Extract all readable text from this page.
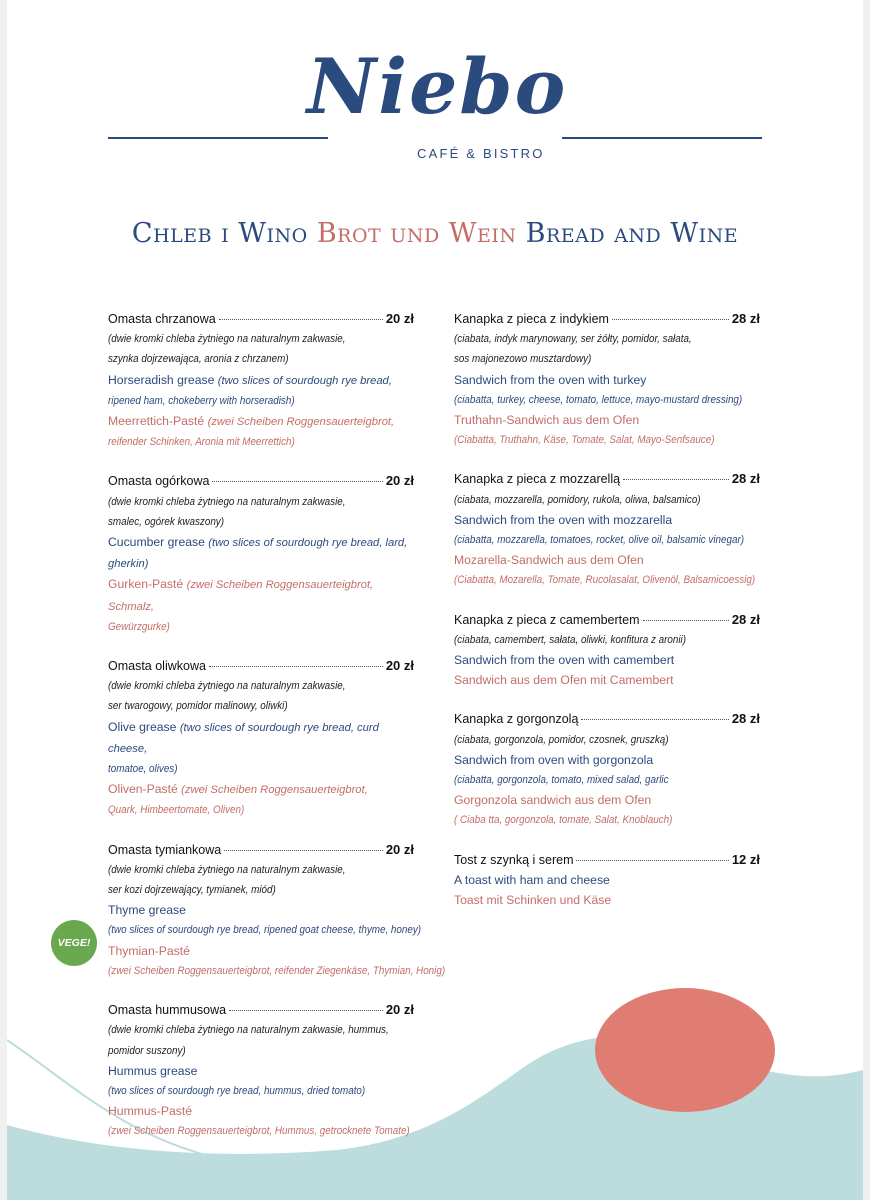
Niebo
CAFÉ & BISTRO
Chleb i Wino Brot und Wein Bread and Wine
Omasta chrzanowa	20 zł
(dwie kromki chleba żytniego na naturalnym zakwasie,
szynka dojrzewająca, aronia z chrzanem)
Horseradish grease (two slices of sourdough rye bread,
ripened ham, chokeberry with horseradish)
Meerrettich-Pasté (zwei Scheiben Roggensauerteigbrot,
reifender Schinken, Aronia mit Meerrettich)
Omasta ogórkowa	20 zł
(dwie kromki chleba żytniego na naturalnym zakwasie,
smalec, ogórek kwaszony)
Cucumber grease (two slices of sourdough rye bread, lard, gherkin)
Gurken-Pasté (zwei Scheiben Roggensauerteigbrot, Schmalz,
Gewürzgurke)
Omasta oliwkowa	20 zł
(dwie kromki chleba żytniego na naturalnym zakwasie,
ser twarogowy, pomidor malinowy, oliwki)
Olive grease (two slices of sourdough rye bread, curd cheese,
tomatoe, olives)
Oliven-Pasté (zwei Scheiben Roggensauerteigbrot,
Quark, Himbeertomate, Oliven)
Omasta tymiankowa	20 zł
(dwie kromki chleba żytniego na naturalnym zakwasie,
ser kozi dojrzewający, tymianek, miód)
Thyme grease
(two slices of sourdough rye bread, ripened goat cheese, thyme, honey)
Thymian-Pasté
(zwei Scheiben Roggensauerteigbrot, reifender Ziegenkäse, Thymian, Honig)
Omasta hummusowa	20 zł
(dwie kromki chleba żytniego na naturalnym zakwasie, hummus,
pomidor suszony)
Hummus grease
(two slices of sourdough rye bread, hummus, dried tomato)
Hummus-Pasté
(zwei Scheiben Roggensauerteigbrot, Hummus, getrocknete Tomate)
Kanapka z pieca z indykiem	28 zł
(ciabata, indyk marynowany, ser żółty, pomidor, sałata,
sos majonezowo musztardowy)
Sandwich from the oven with turkey
(ciabatta, turkey, cheese, tomato, lettuce, mayo-mustard dressing)
Truthahn-Sandwich aus dem Ofen
(Ciabatta, Truthahn, Käse, Tomate, Salat, Mayo-Senfsauce)
Kanapka z pieca z mozzarellą	28 zł
(ciabata, mozzarella, pomidory, rukola, oliwa, balsamico)
Sandwich from the oven with mozzarella
(ciabatta, mozzarella, tomatoes, rocket, olive oil, balsamic vinegar)
Mozarella-Sandwich aus dem Ofen
(Ciabatta, Mozarella, Tomate, Rucolasalat, Olivenöl, Balsamicoessig)
Kanapka z pieca z camembertem	28 zł
(ciabata, camembert, sałata, oliwki, konfitura z aronii)
Sandwich from the oven with camembert
Sandwich aus dem Ofen mit Camembert
Kanapka z gorgonzolą	28 zł
(ciabata, gorgonzola, pomidor, czosnek, gruszką)
Sandwich from oven with gorgonzola
(ciabatta, gorgonzola, tomato, mixed salad, garlic
Gorgonzola sandwich aus dem Ofen
( Ciaba tta, gorgonzola, tomate, Salat, Knoblauch)
Tost z szynką i serem	12 zł
A toast with ham and cheese
Toast mit Schinken und Käse
VEGE!
